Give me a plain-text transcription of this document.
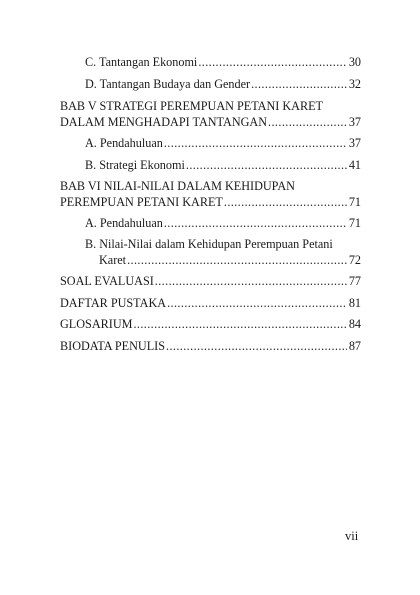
C. Tantangan Ekonomi .....	30
D. Tantangan Budaya dan Gender .....	32
BAB V STRATEGI PEREMPUAN PETANI KARET
DALAM MENGHADAPI TANTANGAN .....	37
A. Pendahuluan .....	37
B. Strategi Ekonomi .....	41
BAB VI NILAI-NILAI DALAM KEHIDUPAN
PEREMPUAN PETANI KARET .....	71
A. Pendahuluan .....	71
B. Nilai-Nilai dalam Kehidupan Perempuan Petani
Karet .....	72
SOAL EVALUASI .....	77
DAFTAR PUSTAKA .....	81
GLOSARIUM .....	84
BIODATA PENULIS .....	87
vii
